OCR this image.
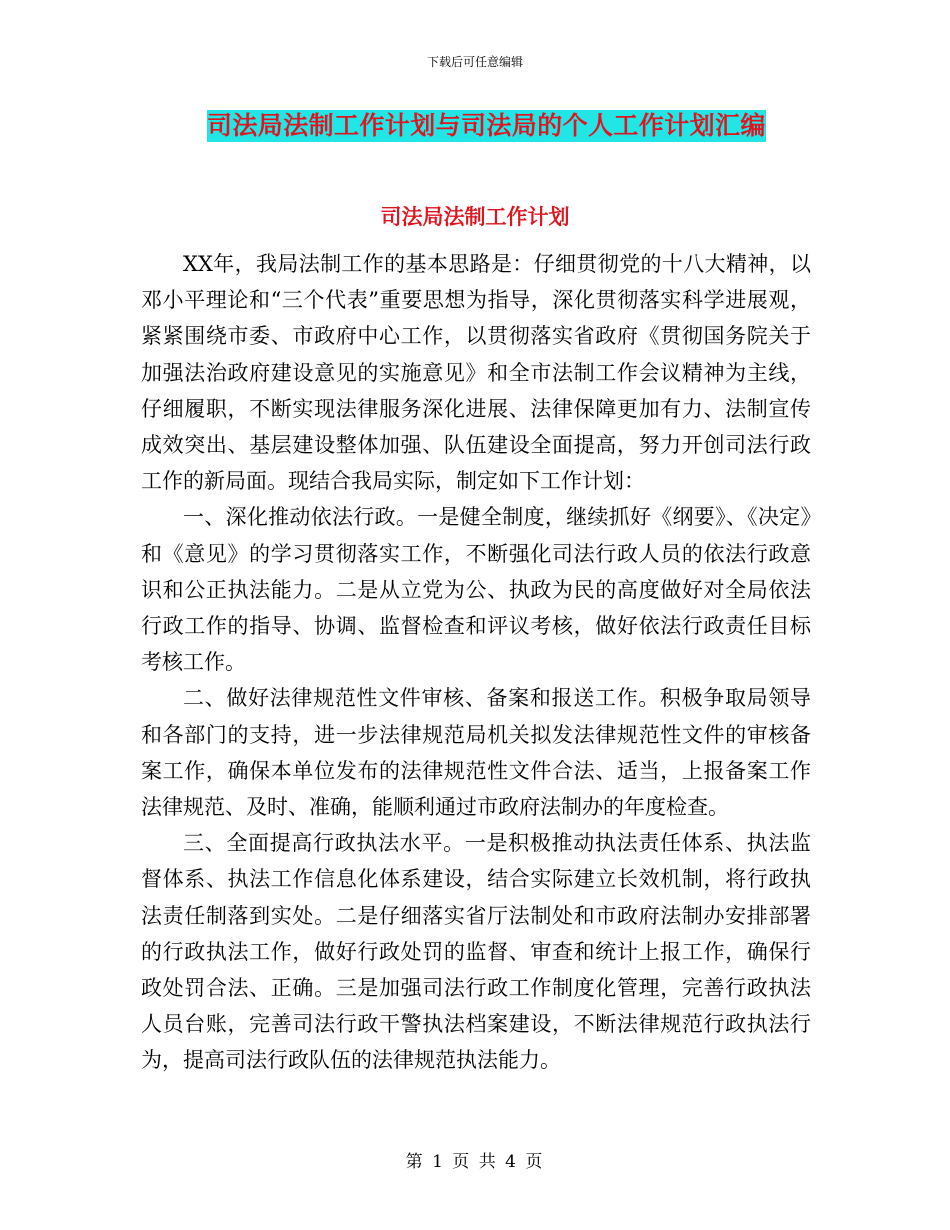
下载后可任意编辑
司法局法制工作计划与司法局的个人工作计划汇编
司法局法制工作计划

XX年，我局法制工作的基本思路是：仔细贯彻党的十八大精神，以邓小平理论和“三个代表”重要思想为指导，深化贯彻落实科学进展观，紧紧围绕市委、市政府中心工作，以贯彻落实省政府《贯彻国务院关于加强法治政府建设意见的实施意见》和全市法制工作会议精神为主线，仔细履职，不断实现法律服务深化进展、法律保障更加有力、法制宣传成效突出、基层建设整体加强、队伍建设全面提高，努力开创司法行政工作的新局面。现结合我局实际，制定如下工作计划：

一、深化推动依法行政。一是健全制度，继续抓好《纲要》、《决定》和《意见》的学习贯彻落实工作，不断强化司法行政人员的依法行政意识和公正执法能力。二是从立党为公、执政为民的高度做好对全局依法行政工作的指导、协调、监督检查和评议考核，做好依法行政责任目标考核工作。

二、做好法律规范性文件审核、备案和报送工作。积极争取局领导和各部门的支持，进一步法律规范局机关拟发法律规范性文件的审核备案工作，确保本单位发布的法律规范性文件合法、适当，上报备案工作法律规范、及时、准确，能顺利通过市政府法制办的年度检查。

三、全面提高行政执法水平。一是积极推动执法责任体系、执法监督体系、执法工作信息化体系建设，结合实际建立长效机制，将行政执法责任制落到实处。二是仔细落实省厅法制处和市政府法制办安排部署的行政执法工作，做好行政处罚的监督、审查和统计上报工作，确保行政处罚合法、正确。三是加强司法行政工作制度化管理，完善行政执法人员台账，完善司法行政干警执法档案建设，不断法律规范行政执法行为，提高司法行政队伍的法律规范执法能力。

第 1 页 共 4 页
